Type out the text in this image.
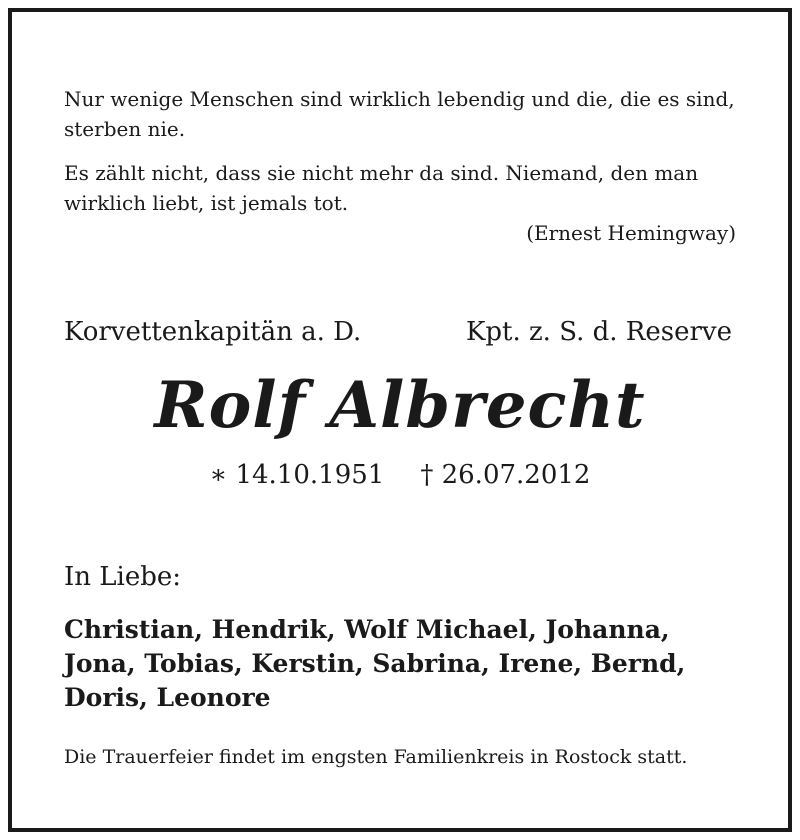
Nur wenige Menschen sind wirklich lebendig und die, die es sind, sterben nie.

Es zählt nicht, dass sie nicht mehr da sind. Niemand, den man wirklich liebt, ist jemals tot.

(Ernest Hemingway)
Korvettenkapitän a. D.	Kpt. z. S. d. Reserve
Rolf Albrecht
∗ 14.10.1951 † 26.07.2012
In Liebe:
Christian, Hendrik, Wolf Michael, Johanna,
Jona, Tobias, Kerstin, Sabrina, Irene, Bernd,
Doris, Leonore
Die Trauerfeier findet im engsten Familienkreis in Rostock statt.
